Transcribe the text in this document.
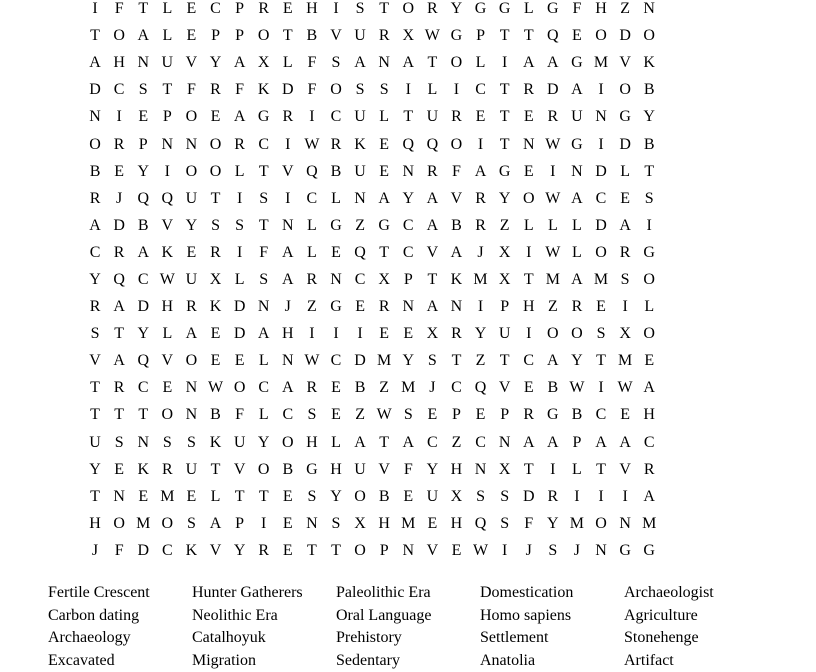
I	F T L E C P R E H I	S T O R Y G G L G F H Z N
T O A L E P P O T B V U R X W G P T T Q E O D O
A H N U V Y A X L F S A N A T O L	I A A G M V K
D C S T F R F K D F O S S	I	L	I	C T R D A I O B
N I	E P O E A G R	I	C U L T U R E T E R U N G Y
O R P N N O R C	I W R K E Q Q O I	T N W G I D B
B E Y I O O L T V Q B U E N R F A G E	I N D L T
R J Q Q U T	I	S	I	C L N A Y A V R Y O W A C E S
A D B V Y S S T N L G Z G C A B R Z L L L D A I
C R A K E R	I	F A L E Q T C V A J X I W L O R G
Y Q C W U X L S A R N C X P T K M X T M A M S O
R A D H R K D N J	Z G E R N A N I	P H Z R E	I	L
S T Y L A E D A H I	I	I	E E X R Y U I O O S X O
V A Q V O E E L N W C D M Y S T Z T C A Y T M E
T R C E N W O C A R E B Z M J C Q V E B W I W A
T T T O N B F L C S E Z W S E P E P R G B C E H
U S N S S K U Y O H L A T A C Z C N A A P A A C
Y E K R U T V O B G H U V F Y H N X T	I	L T V R
T N E M E L T T E S Y O B E U X S S D R	I	I	I A
H O M O S A P	I	E N S X H M E H Q S F Y M O N M
J	F D C K V Y R E T T O P N V E W I	J	S	J N G G
Fertile Crescent	Hunter Gatherers	Paleolithic Era	Domestication	Archaeologist
Carbon dating	Neolithic Era	Oral Language	Homo sapiens	Agriculture
Archaeology	Catalhoyuk	Prehistory	Settlement	Stonehenge
Excavated	Migration	Sedentary	Anatolia	Artifact
